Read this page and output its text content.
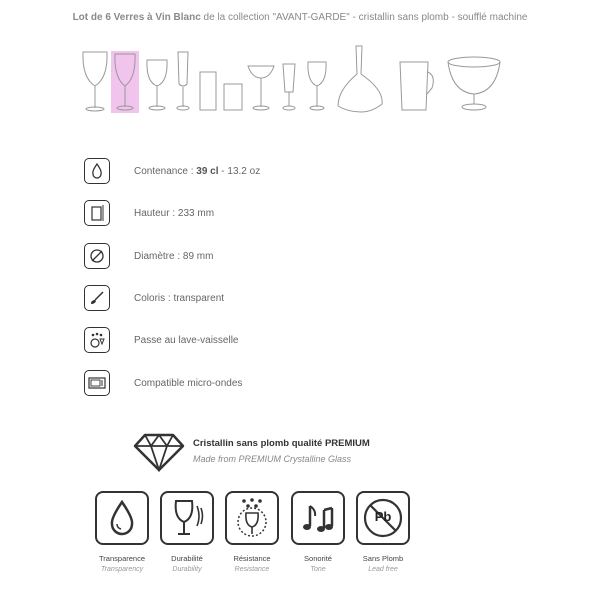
Lot de 6 Verres à Vin Blanc de la collection "AVANT-GARDE" - cristallin sans plomb - soufflé machine
Contenance : 39 cl - 13.2 oz
Hauteur : 233 mm
Diamètre : 89 mm
Coloris : transparent
Passe au lave-vaisselle
Compatible micro-ondes
Cristallin sans plomb qualité PREMIUM
Made from PREMIUM Crystalline Glass
Transparence
Transparency
Durabilité
Durability
Résistance
Resistance
Sonorité
Tone
Pb
Sans Plomb
Lead free
